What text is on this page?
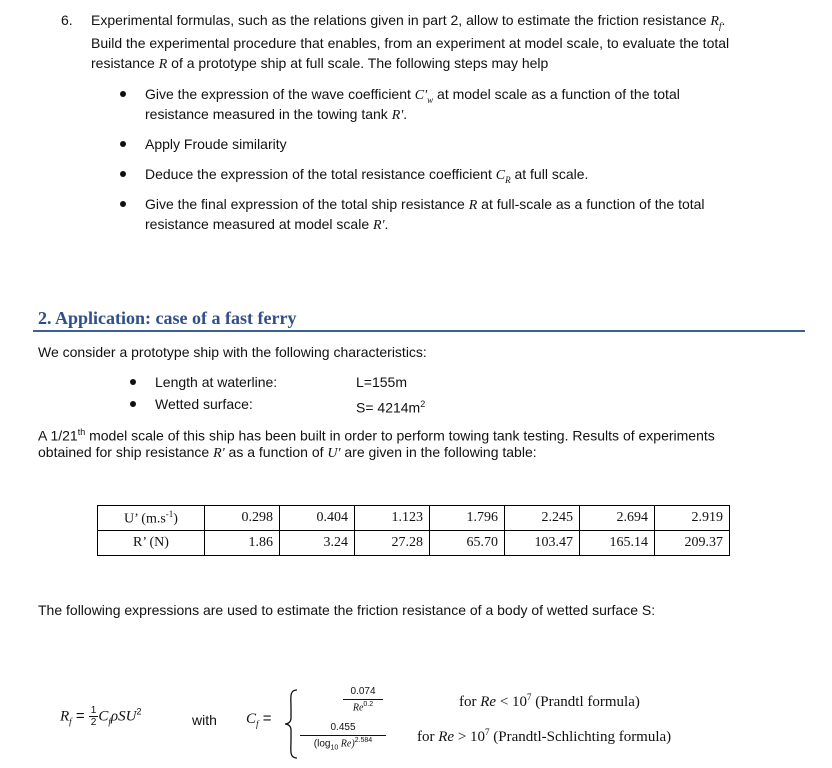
6. Experimental formulas, such as the relations given in part 2, allow to estimate the friction resistance $R_f$.
Build the experimental procedure that enables, from an experiment at model scale, to evaluate the total
resistance R of a prototype ship at full scale. The following steps may help
Give the expression of the wave coefficient $C'_w$ at model scale as a function of the total
resistance measured in the towing tank R'.
Apply Froude similarity
Deduce the expression of the total resistance coefficient $C_R$ at full scale.
Give the final expression of the total ship resistance R at full-scale as a function of the total
resistance measured at model scale R'.
2. Application: case of a fast ferry
We consider a prototype ship with the following characteristics:
Length at waterline:	L=155m
Wetted surface:	$S= 4214m^2$
A 1/21th model scale of this ship has been built in order to perform towing tank testing. Results of experiments
obtained for ship resistance R' as a function of U' are given in the following table:
U’ $(m.s^{-1})$	0.298	0.404	1.123	1.796	2.245	2.694	2.919
R’ (N)	1.86	3.24	27.28	65.70	103.47	165.14	209.37
The following expressions are used to estimate the friction resistance of a body of wetted surface S:
$R_f = \frac{1}{2} C_f\rho SU^2$
with $C_f$ =
$\frac{0.074}{Re^{0.2}}$
$\frac{0.455}{(\log_{10} Re)^{2.584}}$
for $Re < 10^7$ (Prandtl formula)
for $Re > 10^7$ (Prandtl-Schlichting formula)
